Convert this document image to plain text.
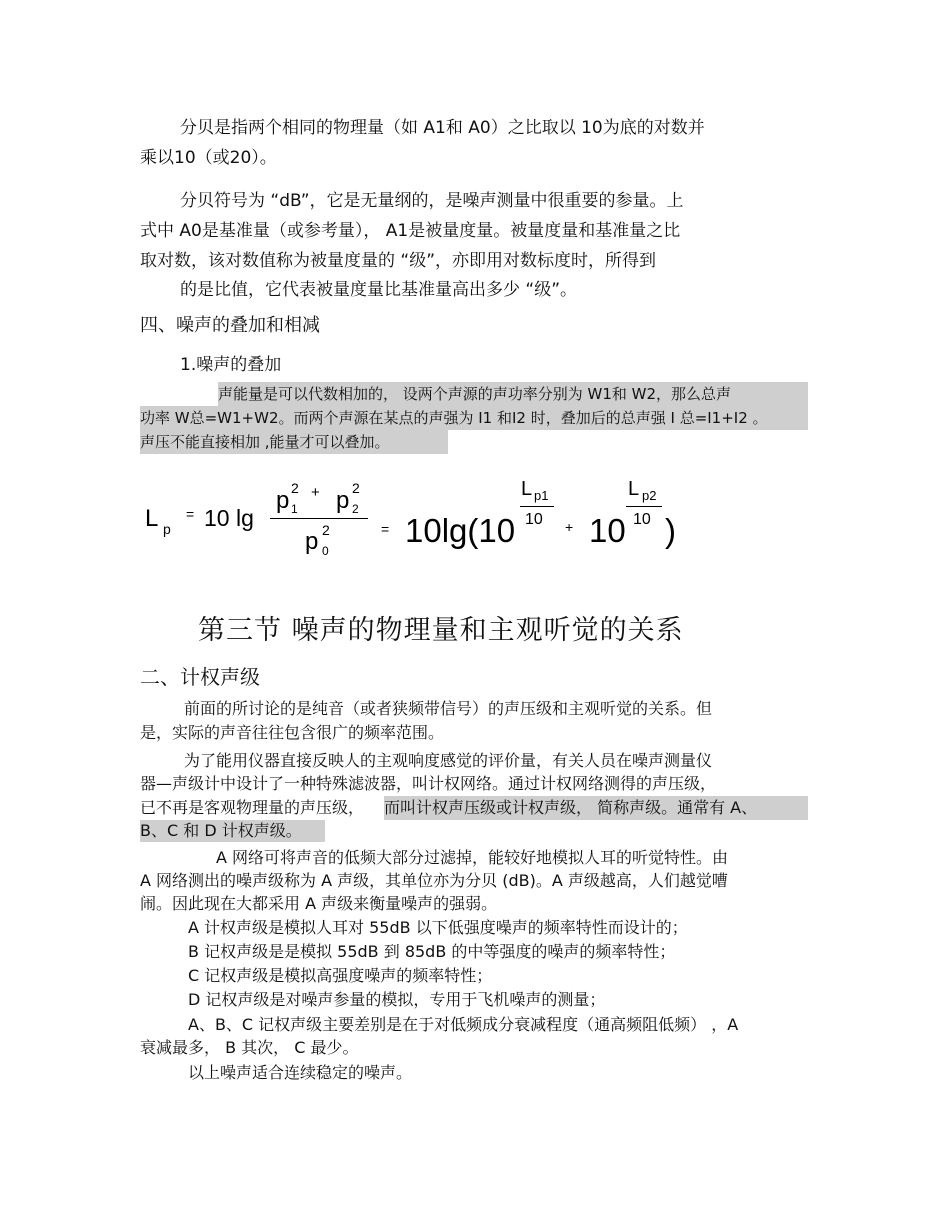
分贝是指两个相同的物理量（如 A1和 A0）之比取以 10为底的对数并
乘以10（或20）。
分贝符号为 “dB”，它是无量纲的，是噪声测量中很重要的参量。上
式中 A0是基准量（或参考量）， A1是被量度量。被量度量和基准量之比
取对数，该对数值称为被量度量的 “级”，亦即用对数标度时，所得到
的是比值，它代表被量度量比基准量高出多少 “级”。
四、噪声的叠加和相减
1.噪声的叠加
声能量是可以代数相加的， 设两个声源的声功率分别为 W1和 W2，那么总声
功率 W总=W1+W2。而两个声源在某点的声强为 I1 和I2 时，叠加后的总声强 I 总=I1+I2 。
声压不能直接相加 ,能量才可以叠加。
L p
= 10 lg
p 2
1
+ p 2
2
p 2
0
= 10lg(10
L p1
10 + 10
L p2
10 )
第三节 噪声的物理量和主观听觉的关系
二、计权声级
前面的所讨论的是纯音（或者狭频带信号）的声压级和主观听觉的关系。但
是，实际的声音往往包含很广的频率范围。
为了能用仪器直接反映人的主观响度感觉的评价量，有关人员在噪声测量仪
器—声级计中设计了一种特殊滤波器，叫计权网络。通过计权网络测得的声压级，
已不再是客观物理量的声压级， 而叫计权声压级或计权声级， 简称声级。通常有 A、
B、C 和 D 计权声级。
A 网络可将声音的低频大部分过滤掉，能较好地模拟人耳的听觉特性。由
A 网络测出的噪声级称为 A 声级，其单位亦为分贝 (dB)。A 声级越高，人们越觉嘈
闹。因此现在大都采用 A 声级来衡量噪声的强弱。
A 计权声级是模拟人耳对 55dB 以下低强度噪声的频率特性而设计的；
B 记权声级是是模拟 55dB 到 85dB 的中等强度的噪声的频率特性；
C 记权声级是模拟高强度噪声的频率特性；
D 记权声级是对噪声参量的模拟，专用于飞机噪声的测量；
A、B、C 记权声级主要差别是在于对低频成分衰减程度（通高频阻低频） ，A
衰减最多， B 其次， C 最少。
以上噪声适合连续稳定的噪声。
